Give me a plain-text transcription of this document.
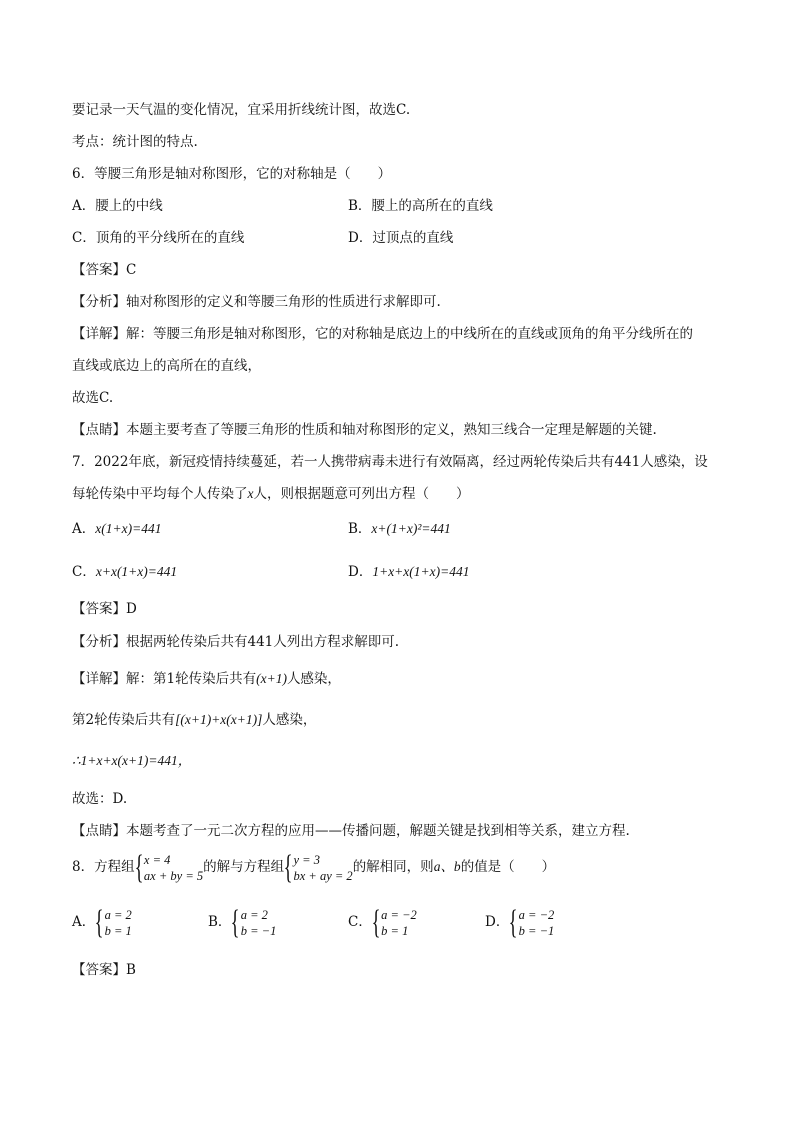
要记录一天气温的变化情况，宜采用折线统计图，故选C.
考点：统计图的特点.
6．等腰三角形是轴对称图形，它的对称轴是（　　）
A．腰上的中线	B．腰上的高所在的直线
C．顶角的平分线所在的直线	D．过顶点的直线
【答案】C
【分析】轴对称图形的定义和等腰三角形的性质进行求解即可.
【详解】解：等腰三角形是轴对称图形，它的对称轴是底边上的中线所在的直线或顶角的角平分线所在的
直线或底边上的高所在的直线，
故选C.
【点睛】本题主要考查了等腰三角形的性质和轴对称图形的定义，熟知三线合一定理是解题的关键.
7．2022年底，新冠疫情持续蔓延，若一人携带病毒未进行有效隔离，经过两轮传染后共有441人感染，设
每轮传染中平均每个人传染了x人，则根据题意可列出方程（　　）
A．x(1+x)=441	B．x+(1+x)²=441
C．x+x(1+x)=441	D．1+x+x(1+x)=441
【答案】D
【分析】根据两轮传染后共有441人列出方程求解即可.
【详解】解：第1轮传染后共有(x+1)人感染，
第2轮传染后共有[(x+1)+x(x+1)]人感染，
∴1+x+x(x+1)=441，
故选：D.
【点睛】本题考查了一元二次方程的应用——传播问题，解题关键是找到相等关系，建立方程.
8．方程组 { x = 4
ax + by = 5
的解与方程组 { y = 3
bx + ay = 2
的解相同，则a、b的值是（　　）
A． { a = 2
b = 1
B． { a = 2
b = −1
C． { a = −2
b = 1
D． { a = −2
b = −1
【答案】B
